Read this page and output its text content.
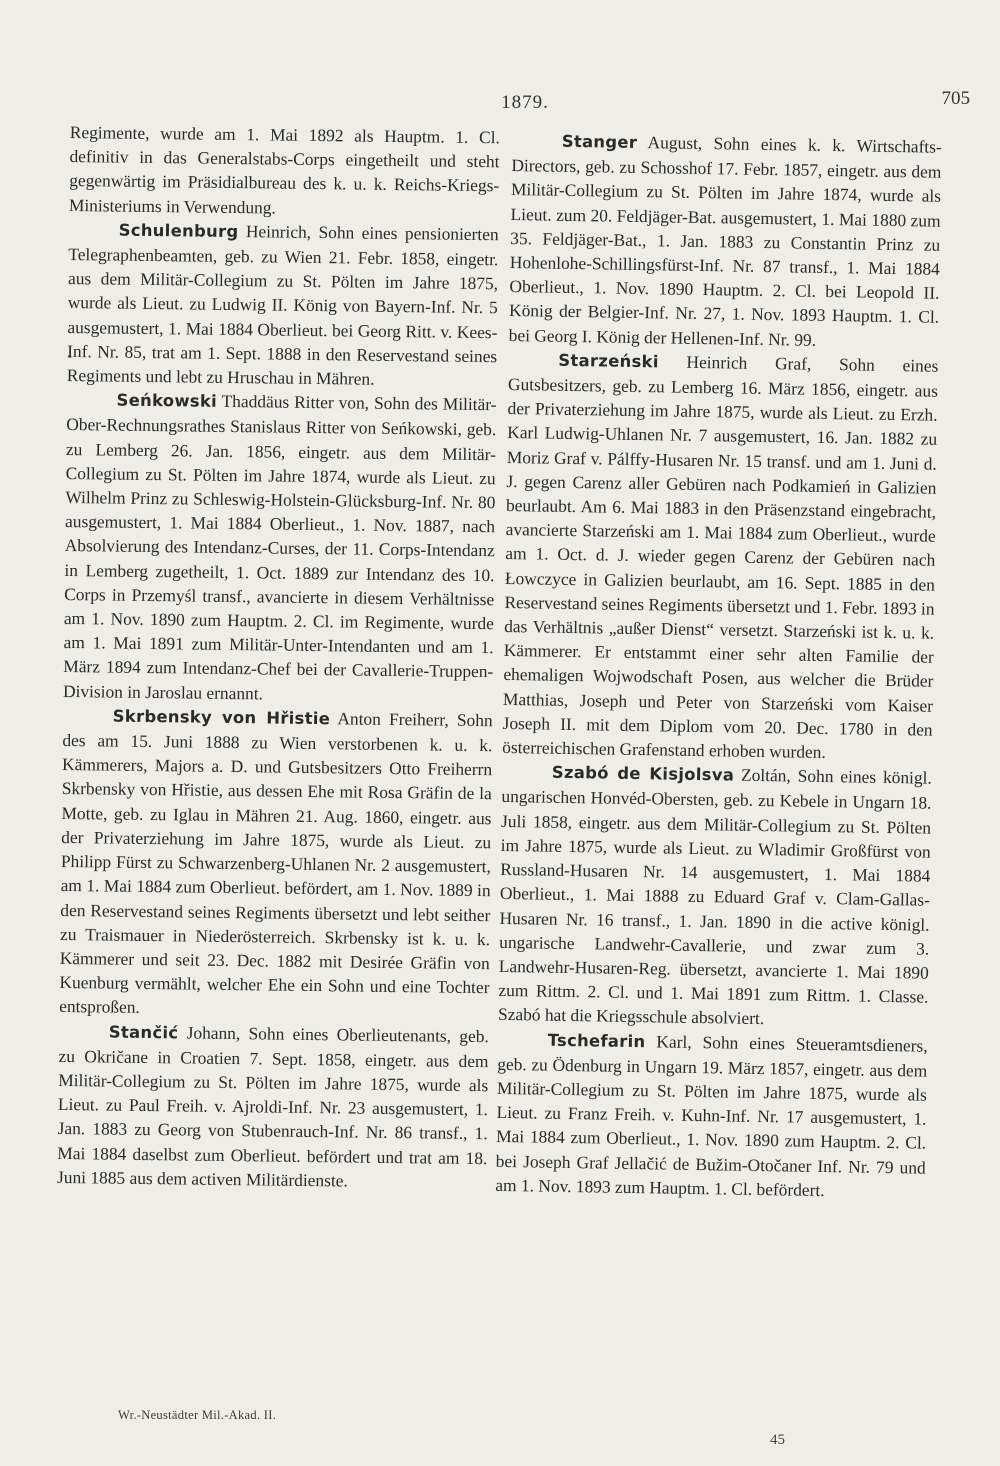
1879.	705

Regimente, wurde am 1. Mai 1892 als Hauptm. 1. Cl. definitiv in das Generalstabs-Corps eingetheilt und steht gegenwärtig im Präsidialbureau des k. u. k. Reichs-Kriegs-Ministeriums in Verwendung.

Schulenburg Heinrich, Sohn eines pensionierten Telegraphenbeamten, geb. zu Wien 21. Febr. 1858, eingetr. aus dem Militär-Collegium zu St. Pölten im Jahre 1875, wurde als Lieut. zu Ludwig II. König von Bayern-Inf. Nr. 5 ausgemustert, 1. Mai 1884 Oberlieut. bei Georg Ritt. v. Kees-Inf. Nr. 85, trat am 1. Sept. 1888 in den Reservestand seines Regiments und lebt zu Hruschau in Mähren.

Seńkowski Thaddäus Ritter von, Sohn des Militär-Ober-Rechnungsrathes Stanislaus Ritter von Seńkowski, geb. zu Lemberg 26. Jan. 1856, eingetr. aus dem Militär-Collegium zu St. Pölten im Jahre 1874, wurde als Lieut. zu Wilhelm Prinz zu Schleswig-Holstein-Glücksburg-Inf. Nr. 80 ausgemustert, 1. Mai 1884 Oberlieut., 1. Nov. 1887, nach Absolvierung des Intendanz-Curses, der 11. Corps-Intendanz in Lemberg zugetheilt, 1. Oct. 1889 zur Intendanz des 10. Corps in Przemyśl transf., avancierte in diesem Verhältnisse am 1. Nov. 1890 zum Hauptm. 2. Cl. im Regimente, wurde am 1. Mai 1891 zum Militär-Unter-Intendanten und am 1. März 1894 zum Intendanz-Chef bei der Cavallerie-Truppen-Division in Jaroslau ernannt.

Skrbensky von Hřistie Anton Freiherr, Sohn des am 15. Juni 1888 zu Wien verstorbenen k. u. k. Kämmerers, Majors a. D. und Gutsbesitzers Otto Freiherrn Skrbensky von Hřistie, aus dessen Ehe mit Rosa Gräfin de la Motte, geb. zu Iglau in Mähren 21. Aug. 1860, eingetr. aus der Privaterziehung im Jahre 1875, wurde als Lieut. zu Philipp Fürst zu Schwarzenberg-Uhlanen Nr. 2 ausgemustert, am 1. Mai 1884 zum Oberlieut. befördert, am 1. Nov. 1889 in den Reservestand seines Regiments übersetzt und lebt seither zu Traismauer in Niederösterreich. Skrbensky ist k. u. k. Kämmerer und seit 23. Dec. 1882 mit Desirée Gräfin von Kuenburg vermählt, welcher Ehe ein Sohn und eine Tochter entsproßen.

Stančić Johann, Sohn eines Oberlieutenants, geb. zu Okričane in Croatien 7. Sept. 1858, eingetr. aus dem Militär-Collegium zu St. Pölten im Jahre 1875, wurde als Lieut. zu Paul Freih. v. Ajroldi-Inf. Nr. 23 ausgemustert, 1. Jan. 1883 zu Georg von Stubenrauch-Inf. Nr. 86 transf., 1. Mai 1884 daselbst zum Oberlieut. befördert und trat am 18. Juni 1885 aus dem activen Militärdienste.

Stanger August, Sohn eines k. k. Wirtschafts-Directors, geb. zu Schosshof 17. Febr. 1857, eingetr. aus dem Militär-Collegium zu St. Pölten im Jahre 1874, wurde als Lieut. zum 20. Feldjäger-Bat. ausgemustert, 1. Mai 1880 zum 35. Feldjäger-Bat., 1. Jan. 1883 zu Constantin Prinz zu Hohenlohe-Schillingsfürst-Inf. Nr. 87 transf., 1. Mai 1884 Oberlieut., 1. Nov. 1890 Hauptm. 2. Cl. bei Leopold II. König der Belgier-Inf. Nr. 27, 1. Nov. 1893 Hauptm. 1. Cl. bei Georg I. König der Hellenen-Inf. Nr. 99.

Starzeński Heinrich Graf, Sohn eines Gutsbesitzers, geb. zu Lemberg 16. März 1856, eingetr. aus der Privaterziehung im Jahre 1875, wurde als Lieut. zu Erzh. Karl Ludwig-Uhlanen Nr. 7 ausgemustert, 16. Jan. 1882 zu Moriz Graf v. Pálffy-Husaren Nr. 15 transf. und am 1. Juni d. J. gegen Carenz aller Gebüren nach Podkamień in Galizien beurlaubt. Am 6. Mai 1883 in den Präsenzstand eingebracht, avancierte Starzeński am 1. Mai 1884 zum Oberlieut., wurde am 1. Oct. d. J. wieder gegen Carenz der Gebüren nach Łowczyce in Galizien beurlaubt, am 16. Sept. 1885 in den Reservestand seines Regiments übersetzt und 1. Febr. 1893 in das Verhältnis „außer Dienst“ versetzt. Starzeński ist k. u. k. Kämmerer. Er entstammt einer sehr alten Familie der ehemaligen Wojwodschaft Posen, aus welcher die Brüder Matthias, Joseph und Peter von Starzeński vom Kaiser Joseph II. mit dem Diplom vom 20. Dec. 1780 in den österreichischen Grafenstand erhoben wurden.

Szabó de Kisjolsva Zoltán, Sohn eines königl. ungarischen Honvéd-Obersten, geb. zu Kebele in Ungarn 18. Juli 1858, eingetr. aus dem Militär-Collegium zu St. Pölten im Jahre 1875, wurde als Lieut. zu Wladimir Großfürst von Russland-Husaren Nr. 14 ausgemustert, 1. Mai 1884 Oberlieut., 1. Mai 1888 zu Eduard Graf v. Clam-Gallas-Husaren Nr. 16 transf., 1. Jan. 1890 in die active königl. ungarische Landwehr-Cavallerie, und zwar zum 3. Landwehr-Husaren-Reg. übersetzt, avancierte 1. Mai 1890 zum Rittm. 2. Cl. und 1. Mai 1891 zum Rittm. 1. Classe. Szabó hat die Kriegsschule absolviert.

Tschefarin Karl, Sohn eines Steueramtsdieners, geb. zu Ödenburg in Ungarn 19. März 1857, eingetr. aus dem Militär-Collegium zu St. Pölten im Jahre 1875, wurde als Lieut. zu Franz Freih. v. Kuhn-Inf. Nr. 17 ausgemustert, 1. Mai 1884 zum Oberlieut., 1. Nov. 1890 zum Hauptm. 2. Cl. bei Joseph Graf Jellačić de Bužim-Otočaner Inf. Nr. 79 und am 1. Nov. 1893 zum Hauptm. 1. Cl. befördert.

Wr.-Neustädter Mil.-Akad. II.
45
